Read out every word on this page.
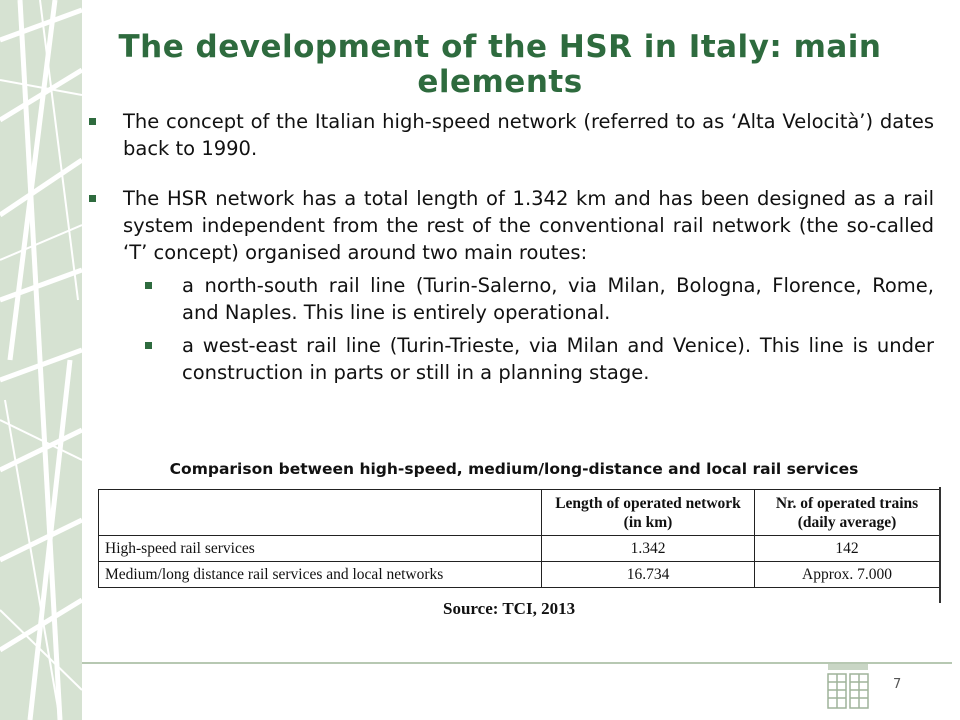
The development of the HSR in Italy: main elements
The concept of the Italian high-speed network (referred to as ‘Alta Velocità’) dates back to 1990.
The HSR network has a total length of 1.342 km and has been designed as a rail system independent from the rest of the conventional rail network (the so-called ‘T’ concept) organised around two main routes:
a north-south rail line (Turin-Salerno, via Milan, Bologna, Florence, Rome, and Naples. This line is entirely operational.
a west-east rail line (Turin-Trieste, via Milan and Venice). This line is under construction in parts or still in a planning stage.
Comparison between high-speed, medium/long-distance and local rail services
	Length of operated network (in km)	Nr. of operated trains (daily average)
High-speed rail services	1.342	142
Medium/long distance rail services and local networks	16.734	Approx. 7.000
Source: TCI, 2013
7
